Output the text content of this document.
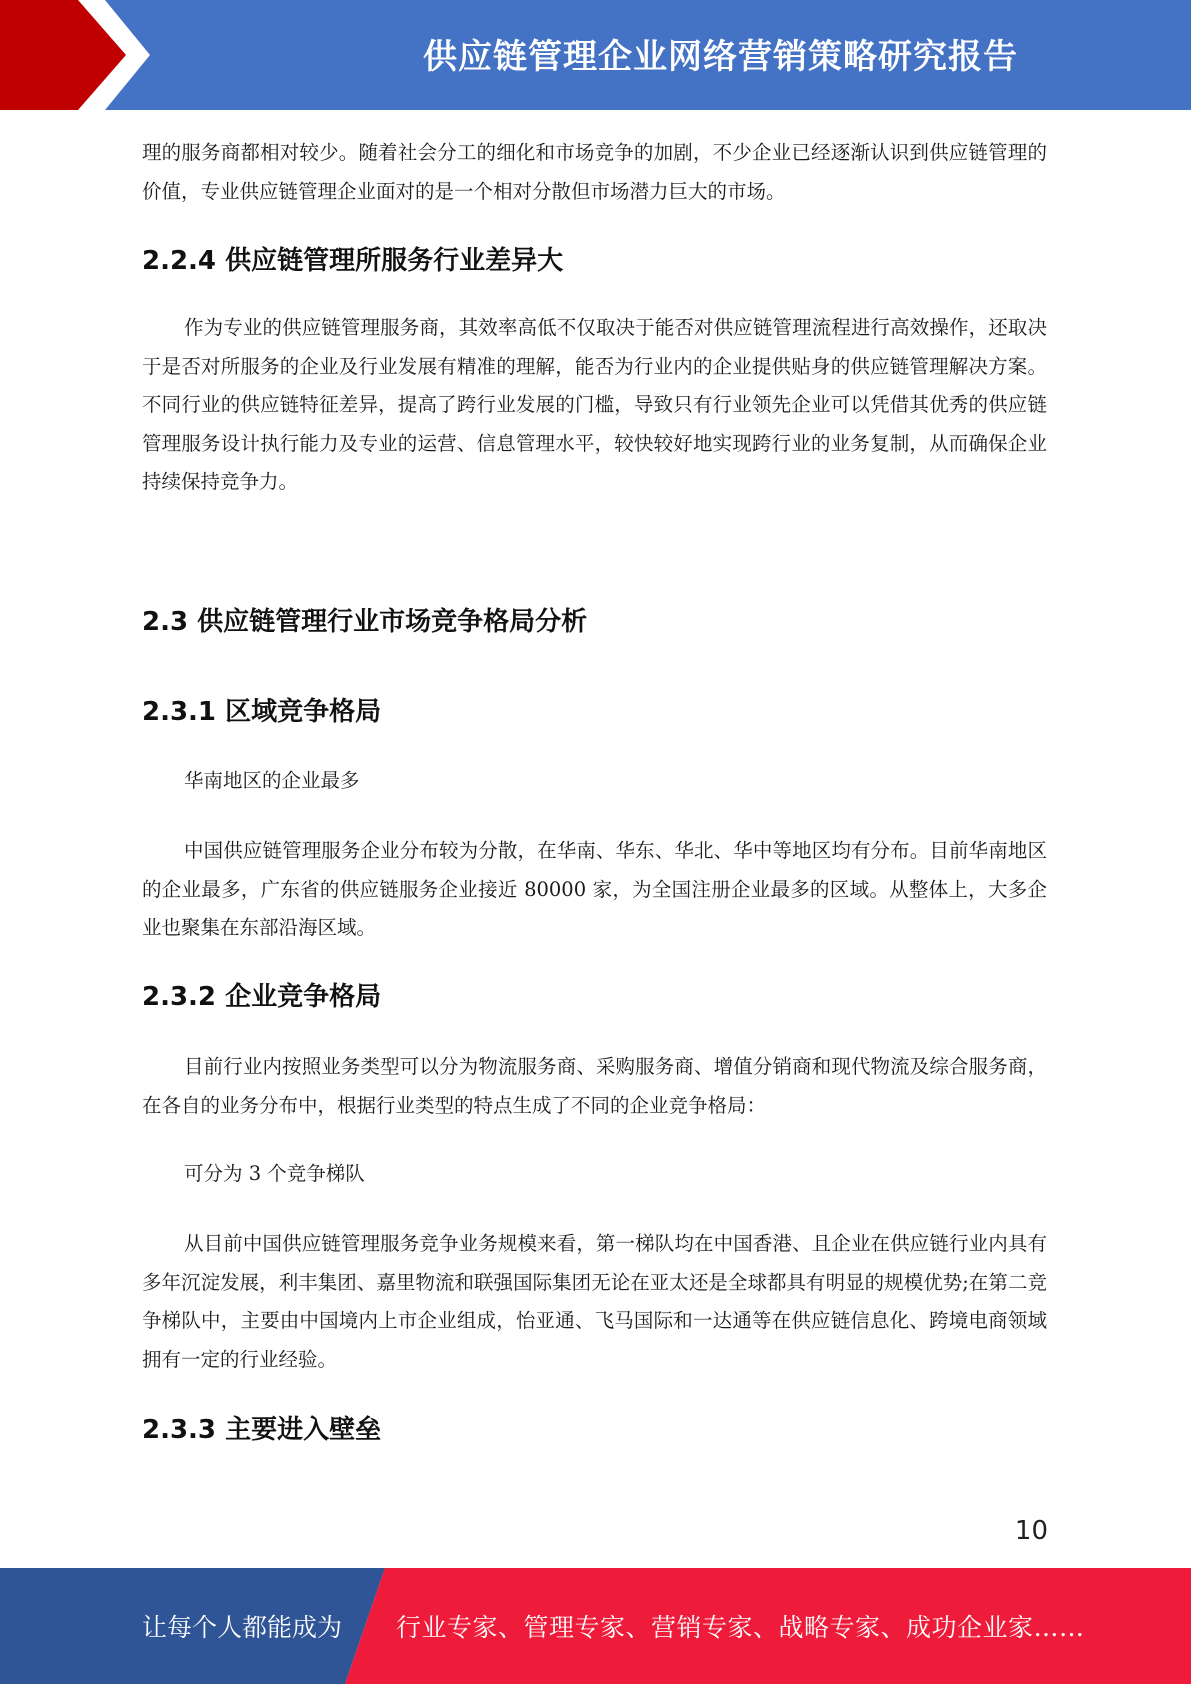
供应链管理企业网络营销策略研究报告

理的服务商都相对较少。随着社会分工的细化和市场竞争的加剧，不少企业已经逐渐认识到供应链管理的价值，专业供应链管理企业面对的是一个相对分散但市场潜力巨大的市场。

2.2.4 供应链管理所服务行业差异大

作为专业的供应链管理服务商，其效率高低不仅取决于能否对供应链管理流程进行高效操作，还取决于是否对所服务的企业及行业发展有精准的理解，能否为行业内的企业提供贴身的供应链管理解决方案。不同行业的供应链特征差异，提高了跨行业发展的门槛，导致只有行业领先企业可以凭借其优秀的供应链管理服务设计执行能力及专业的运营、信息管理水平，较快较好地实现跨行业的业务复制，从而确保企业持续保持竞争力。

2.3 供应链管理行业市场竞争格局分析
2.3.1 区域竞争格局

华南地区的企业最多

中国供应链管理服务企业分布较为分散，在华南、华东、华北、华中等地区均有分布。目前华南地区的企业最多，广东省的供应链服务企业接近 80000 家，为全国注册企业最多的区域。从整体上，大多企业也聚集在东部沿海区域。

2.3.2 企业竞争格局

目前行业内按照业务类型可以分为物流服务商、采购服务商、增值分销商和现代物流及综合服务商，在各自的业务分布中，根据行业类型的特点生成了不同的企业竞争格局：

可分为 3 个竞争梯队

从目前中国供应链管理服务竞争业务规模来看，第一梯队均在中国香港、且企业在供应链行业内具有多年沉淀发展，利丰集团、嘉里物流和联强国际集团无论在亚太还是全球都具有明显的规模优势;在第二竞争梯队中，主要由中国境内上市企业组成，怡亚通、飞马国际和一达通等在供应链信息化、跨境电商领域拥有一定的行业经验。

2.3.3 主要进入壁垒
10
让每个人都能成为 行业专家、管理专家、营销专家、战略专家、成功企业家……
